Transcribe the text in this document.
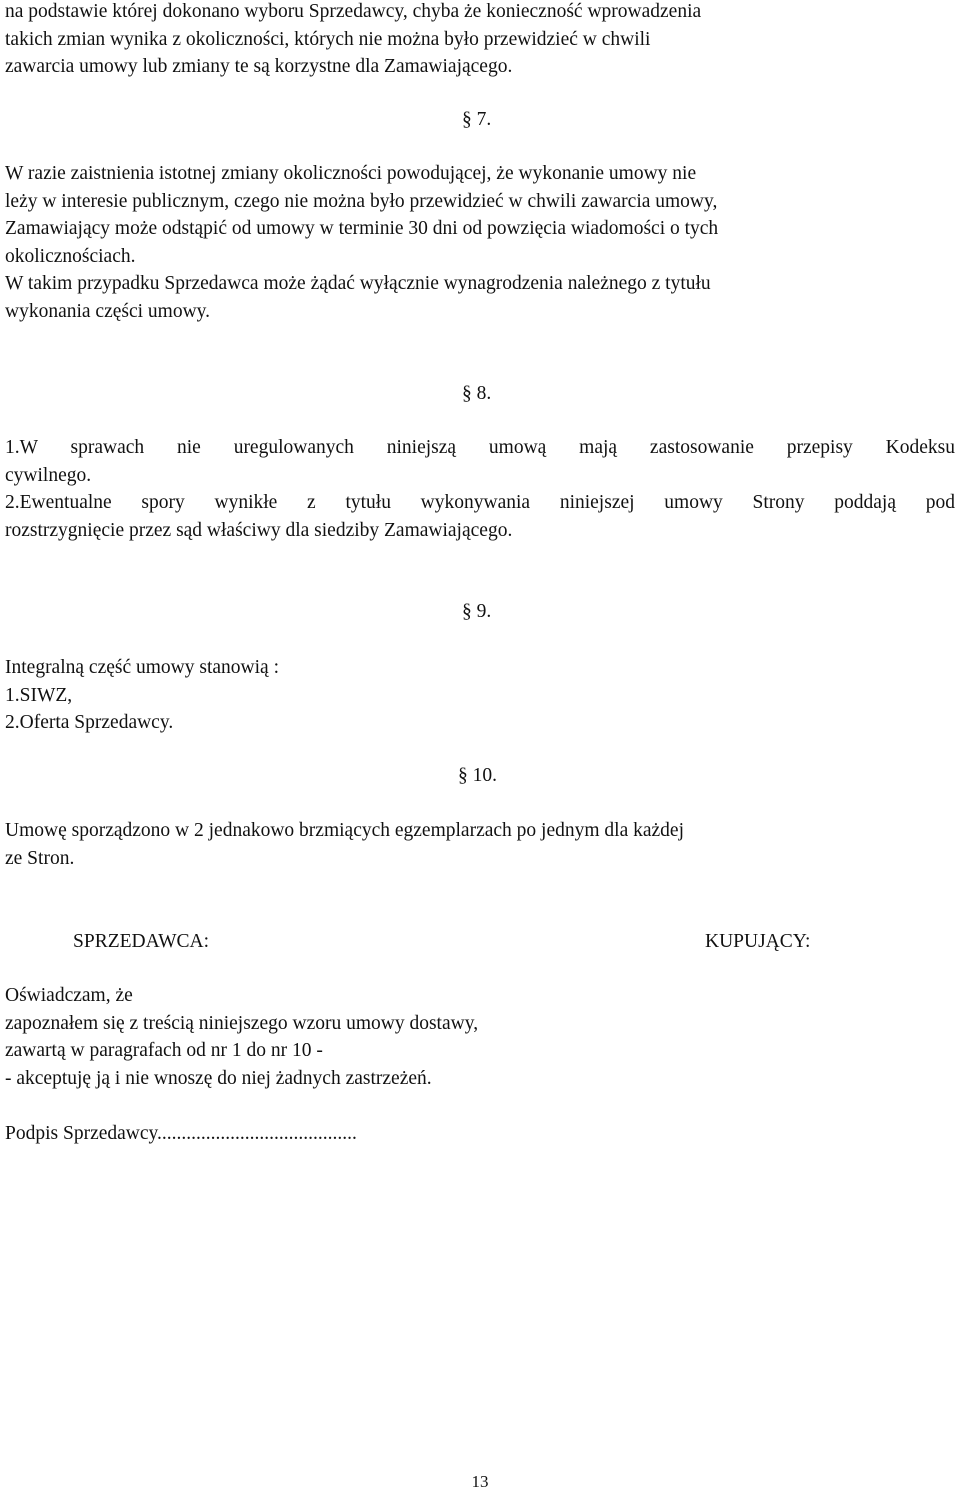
na podstawie której dokonano wyboru Sprzedawcy, chyba że konieczność wprowadzenia
takich zmian wynika z okoliczności, których nie można było przewidzieć w chwili
zawarcia umowy lub zmiany te są korzystne dla Zamawiającego.
§ 7.
W razie zaistnienia istotnej zmiany okoliczności powodującej, że wykonanie umowy nie
leży w interesie publicznym, czego nie można było przewidzieć w chwili zawarcia umowy,
Zamawiający może odstąpić od umowy w terminie 30 dni od powzięcia wiadomości o tych
okolicznościach.
W takim przypadku Sprzedawca może żądać wyłącznie wynagrodzenia należnego z tytułu
wykonania części umowy.
§ 8.
1.W sprawach nie uregulowanych niniejszą umową mają zastosowanie przepisy Kodeksu
cywilnego.
2.Ewentualne spory wynikłe z tytułu wykonywania niniejszej umowy Strony poddają pod
rozstrzygnięcie przez sąd właściwy dla siedziby Zamawiającego.
§ 9.
Integralną część umowy stanowią :
1.SIWZ,
2.Oferta Sprzedawcy.
§ 10.
Umowę sporządzono w 2 jednakowo brzmiących egzemplarzach po jednym dla każdej
ze Stron.
SPRZEDAWCA:	KUPUJĄCY:
Oświadczam, że
zapoznałem się z treścią niniejszego wzoru umowy dostawy,
zawartą w paragrafach od nr 1 do nr 10 -
- akceptuję ją i nie wnoszę do niej żadnych zastrzeżeń.
Podpis Sprzedawcy.........................................
13
